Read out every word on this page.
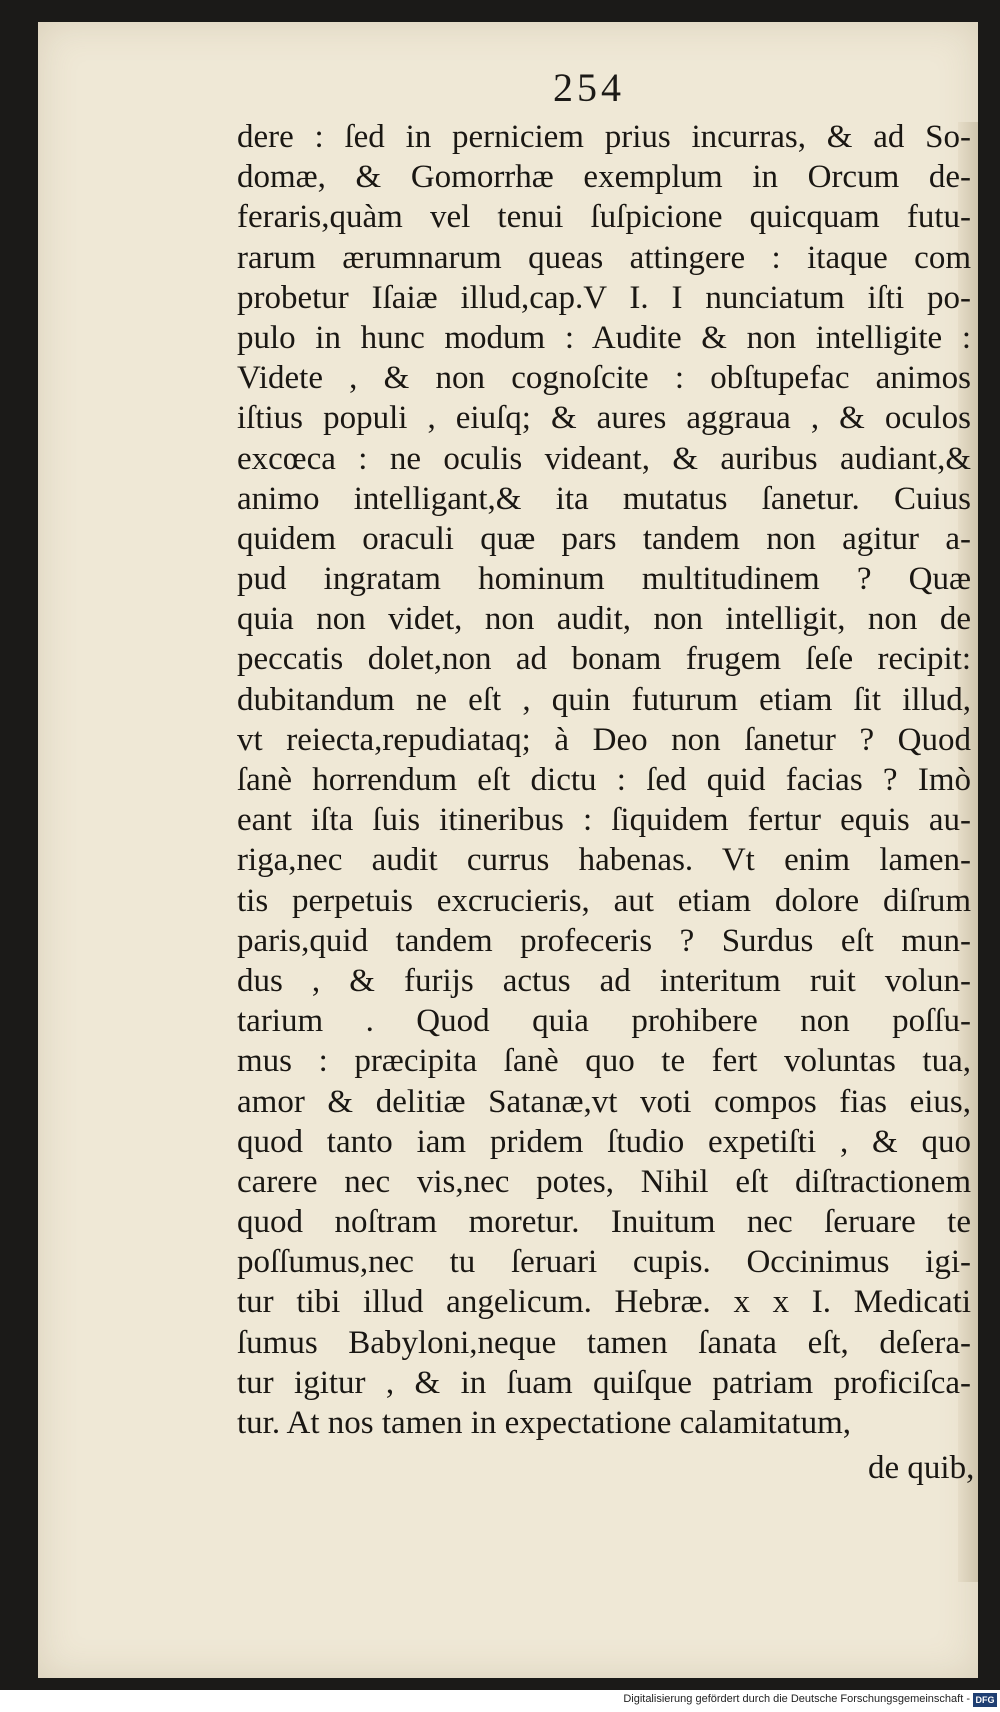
254
dere : ſed in perniciem prius incurras, & ad So-
domæ, & Gomorrhæ exemplum in Orcum de-
feraris,quàm vel tenui ſuſpicione quicquam futu-
rarum ærumnarum queas attingere : itaque com
probetur Iſaiæ illud,cap.V I. I nunciatum iſti po-
pulo in hunc modum : Audite & non intelligite :
Videte , & non cognoſcite : obſtupefac animos
iſtius populi , eiuſq; & aures aggraua , & oculos
excœca : ne oculis videant, & auribus audiant,&
animo intelligant,& ita mutatus ſanetur. Cuius
quidem oraculi quæ pars tandem non agitur a-
pud ingratam hominum multitudinem ? Quæ
quia non videt, non audit, non intelligit, non de
peccatis dolet,non ad bonam frugem ſeſe recipit:
dubitandum ne eſt , quin futurum etiam ſit illud,
vt reiecta,repudiataq; à Deo non ſanetur ? Quod
ſanè horrendum eſt dictu : ſed quid facias ? Imò
eant iſta ſuis itineribus : ſiquidem fertur equis au-
riga,nec audit currus habenas. Vt enim lamen-
tis perpetuis excrucieris, aut etiam dolore diſrum
paris,quid tandem profeceris ? Surdus eſt mun-
dus , & furijs actus ad interitum ruit volun-
tarium . Quod quia prohibere non poſſu-
mus : præcipita ſanè quo te fert voluntas tua,
amor & delitiæ Satanæ,vt voti compos fias eius,
quod tanto iam pridem ſtudio expetiſti , & quo
carere nec vis,nec potes, Nihil eſt diſtractionem
quod noſtram moretur. Inuitum nec ſeruare te
poſſumus,nec tu ſeruari cupis. Occinimus igi-
tur tibi illud angelicum. Hebræ. x x I. Medicati
ſumus Babyloni,neque tamen ſanata eſt, deſera-
tur igitur , & in ſuam quiſque patriam proficiſca-
tur. At nos tamen in expectatione calamitatum,
de quib,
Digitalisierung gefördert durch die Deutsche Forschungsgemeinschaft - DFG
